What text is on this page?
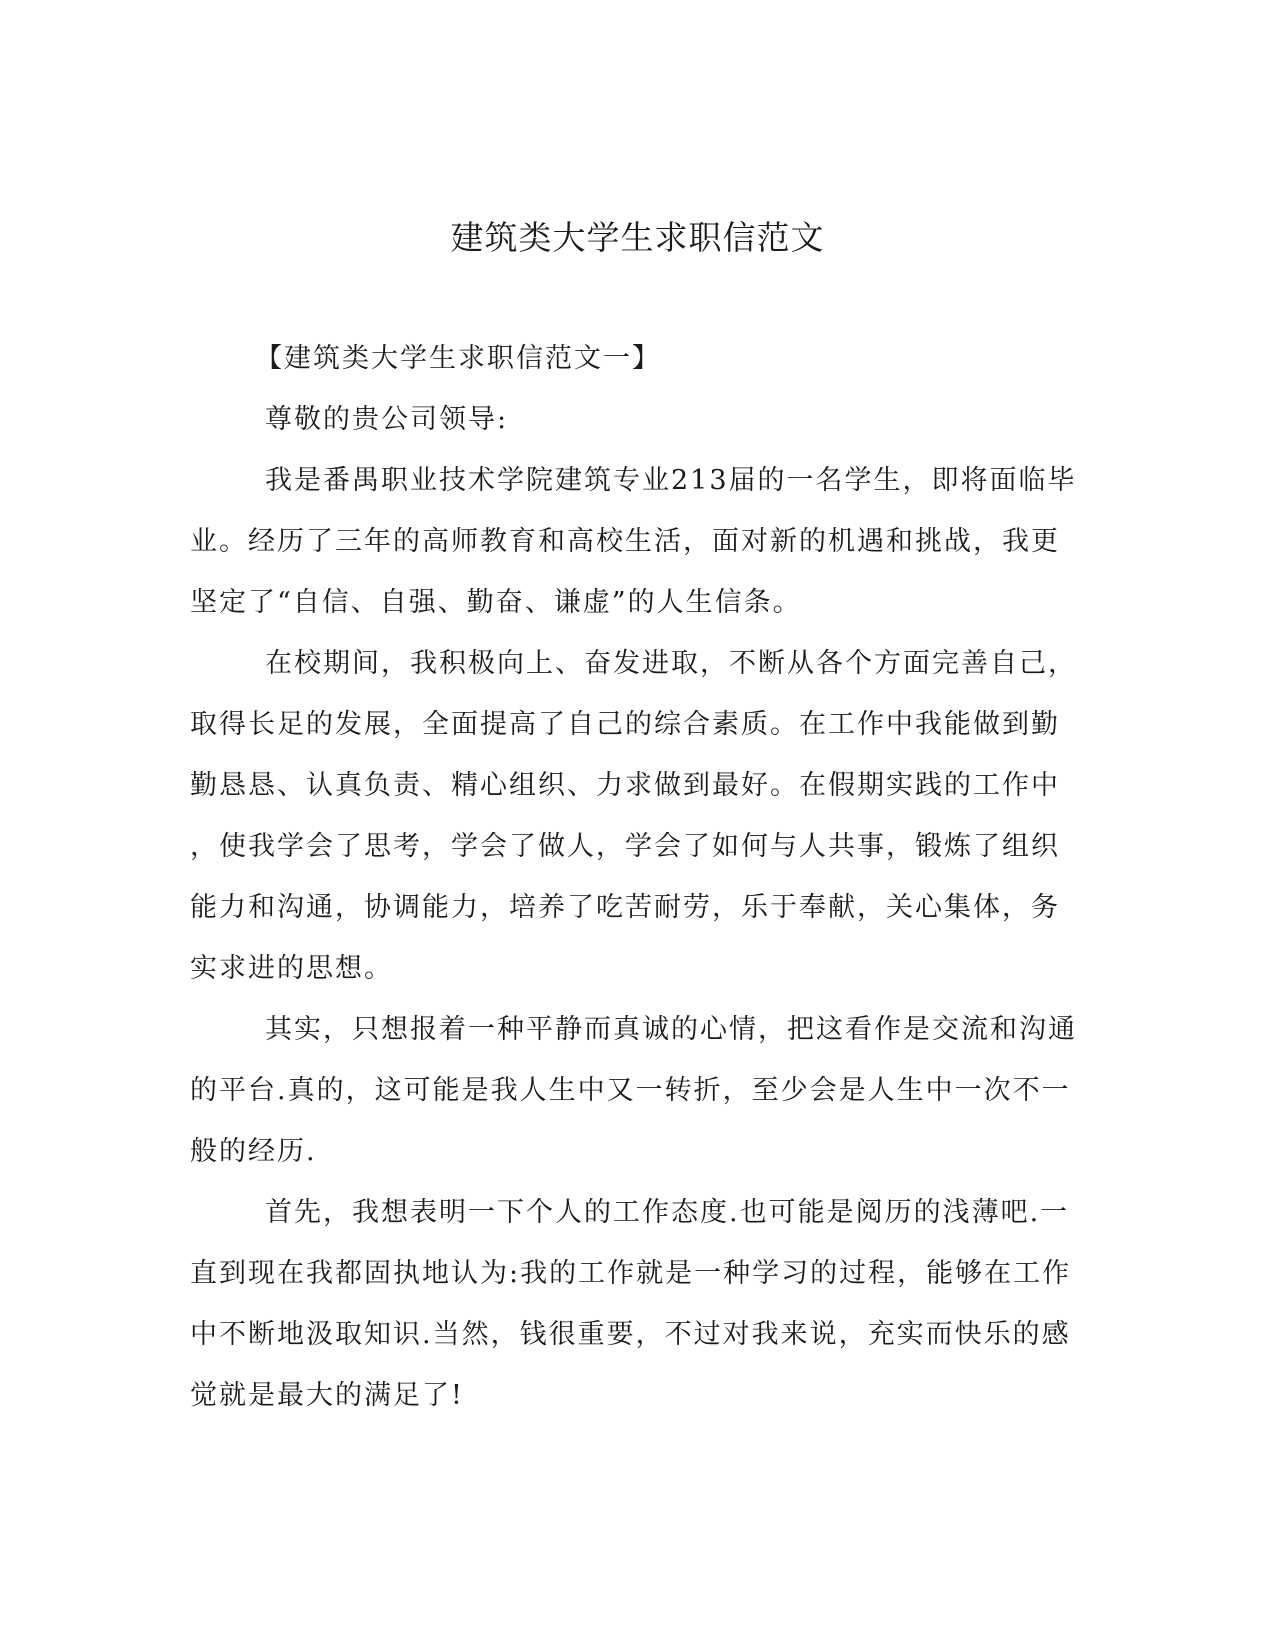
建筑类大学生求职信范文
【建筑类大学生求职信范文一】
尊敬的贵公司领导:
我是番禺职业技术学院建筑专业213届的一名学生，即将面临毕
业。经历了三年的高师教育和高校生活，面对新的机遇和挑战，我更
坚定了“自信、自强、勤奋、谦虚”的人生信条。
在校期间，我积极向上、奋发进取，不断从各个方面完善自己，
取得长足的发展，全面提高了自己的综合素质。在工作中我能做到勤
勤恳恳、认真负责、精心组织、力求做到最好。在假期实践的工作中
，使我学会了思考，学会了做人，学会了如何与人共事，锻炼了组织
能力和沟通，协调能力，培养了吃苦耐劳，乐于奉献，关心集体，务
实求进的思想。
其实，只想报着一种平静而真诚的心情，把这看作是交流和沟通
的平台.真的，这可能是我人生中又一转折，至少会是人生中一次不一
般的经历.
首先，我想表明一下个人的工作态度.也可能是阅历的浅薄吧.一
直到现在我都固执地认为:我的工作就是一种学习的过程，能够在工作
中不断地汲取知识.当然，钱很重要，不过对我来说，充实而快乐的感
觉就是最大的满足了!
